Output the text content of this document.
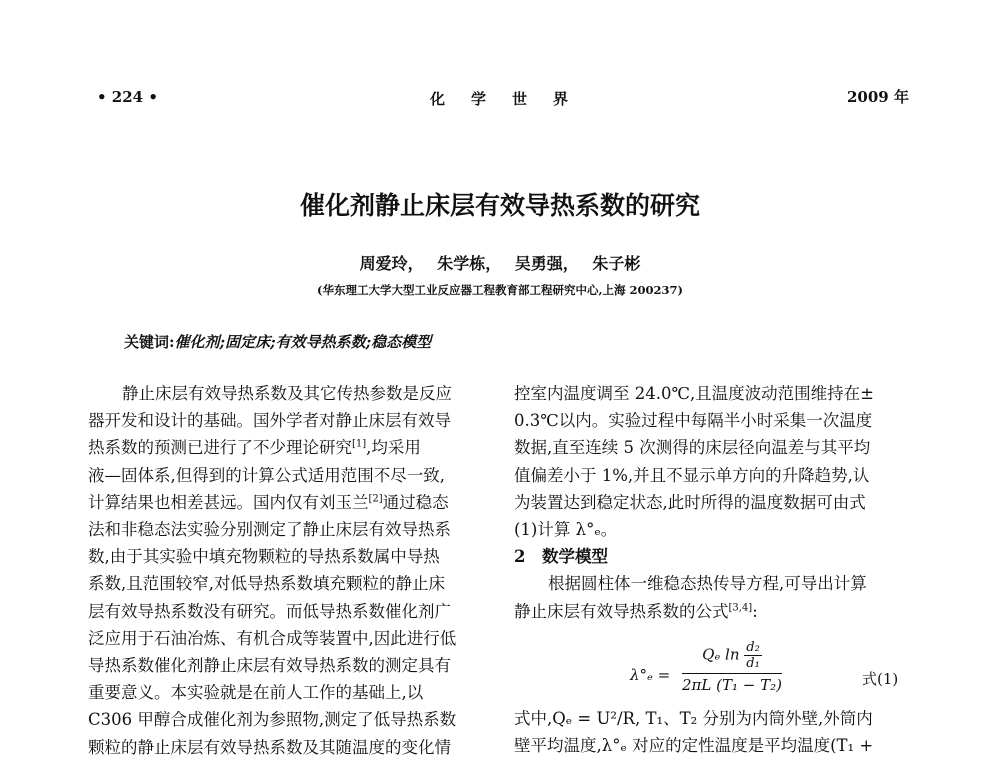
• 224 •	化学世界	2009 年
催化剂静止床层有效导热系数的研究
周爱玲， 朱学栋， 吴勇强， 朱子彬
(华东理工大学大型工业反应器工程教育部工程研究中心,上海 200237)
关键词:催化剂;固定床;有效导热系数;稳态模型

静止床层有效导热系数及其它传热参数是反应

器开发和设计的基础。国外学者对静止床层有效导

热系数的预测已进行了不少理论研究[1],均采用

液—固体系,但得到的计算公式适用范围不尽一致,

计算结果也相差甚远。国内仅有刘玉兰[2]通过稳态

法和非稳态法实验分别测定了静止床层有效导热系

数,由于其实验中填充物颗粒的导热系数属中导热

系数,且范围较窄,对低导热系数填充颗粒的静止床

层有效导热系数没有研究。而低导热系数催化剂广

泛应用于石油冶炼、有机合成等装置中,因此进行低

导热系数催化剂静止床层有效导热系数的测定具有

重要意义。本实验就是在前人工作的基础上,以

C306 甲醇合成催化剂为参照物,测定了低导热系数

颗粒的静止床层有效导热系数及其随温度的变化情

控室内温度调至 24.0℃,且温度波动范围维持在±

0.3℃以内。实验过程中每隔半小时采集一次温度

数据,直至连续 5 次测得的床层径向温差与其平均

值偏差小于 1%,并且不显示单方向的升降趋势,认

为装置达到稳定状态,此时所得的温度数据可由式

(1)计算 λ°ₑ。

2　数学模型

根据圆柱体一维稳态热传导方程,可导出计算

静止床层有效导热系数的公式[3,4]:

$\lambda^\circ_e = \frac{Q_e \ln \frac{\text{d₂}}{\text{d₁}}}{\text{2πL (T₁ − T₂)}}$	式(1)

式中,Qₑ = U²/R, T₁、T₂ 分别为内筒外壁,外筒内

壁平均温度,λ°ₑ 对应的定性温度是平均温度(T₁ +
